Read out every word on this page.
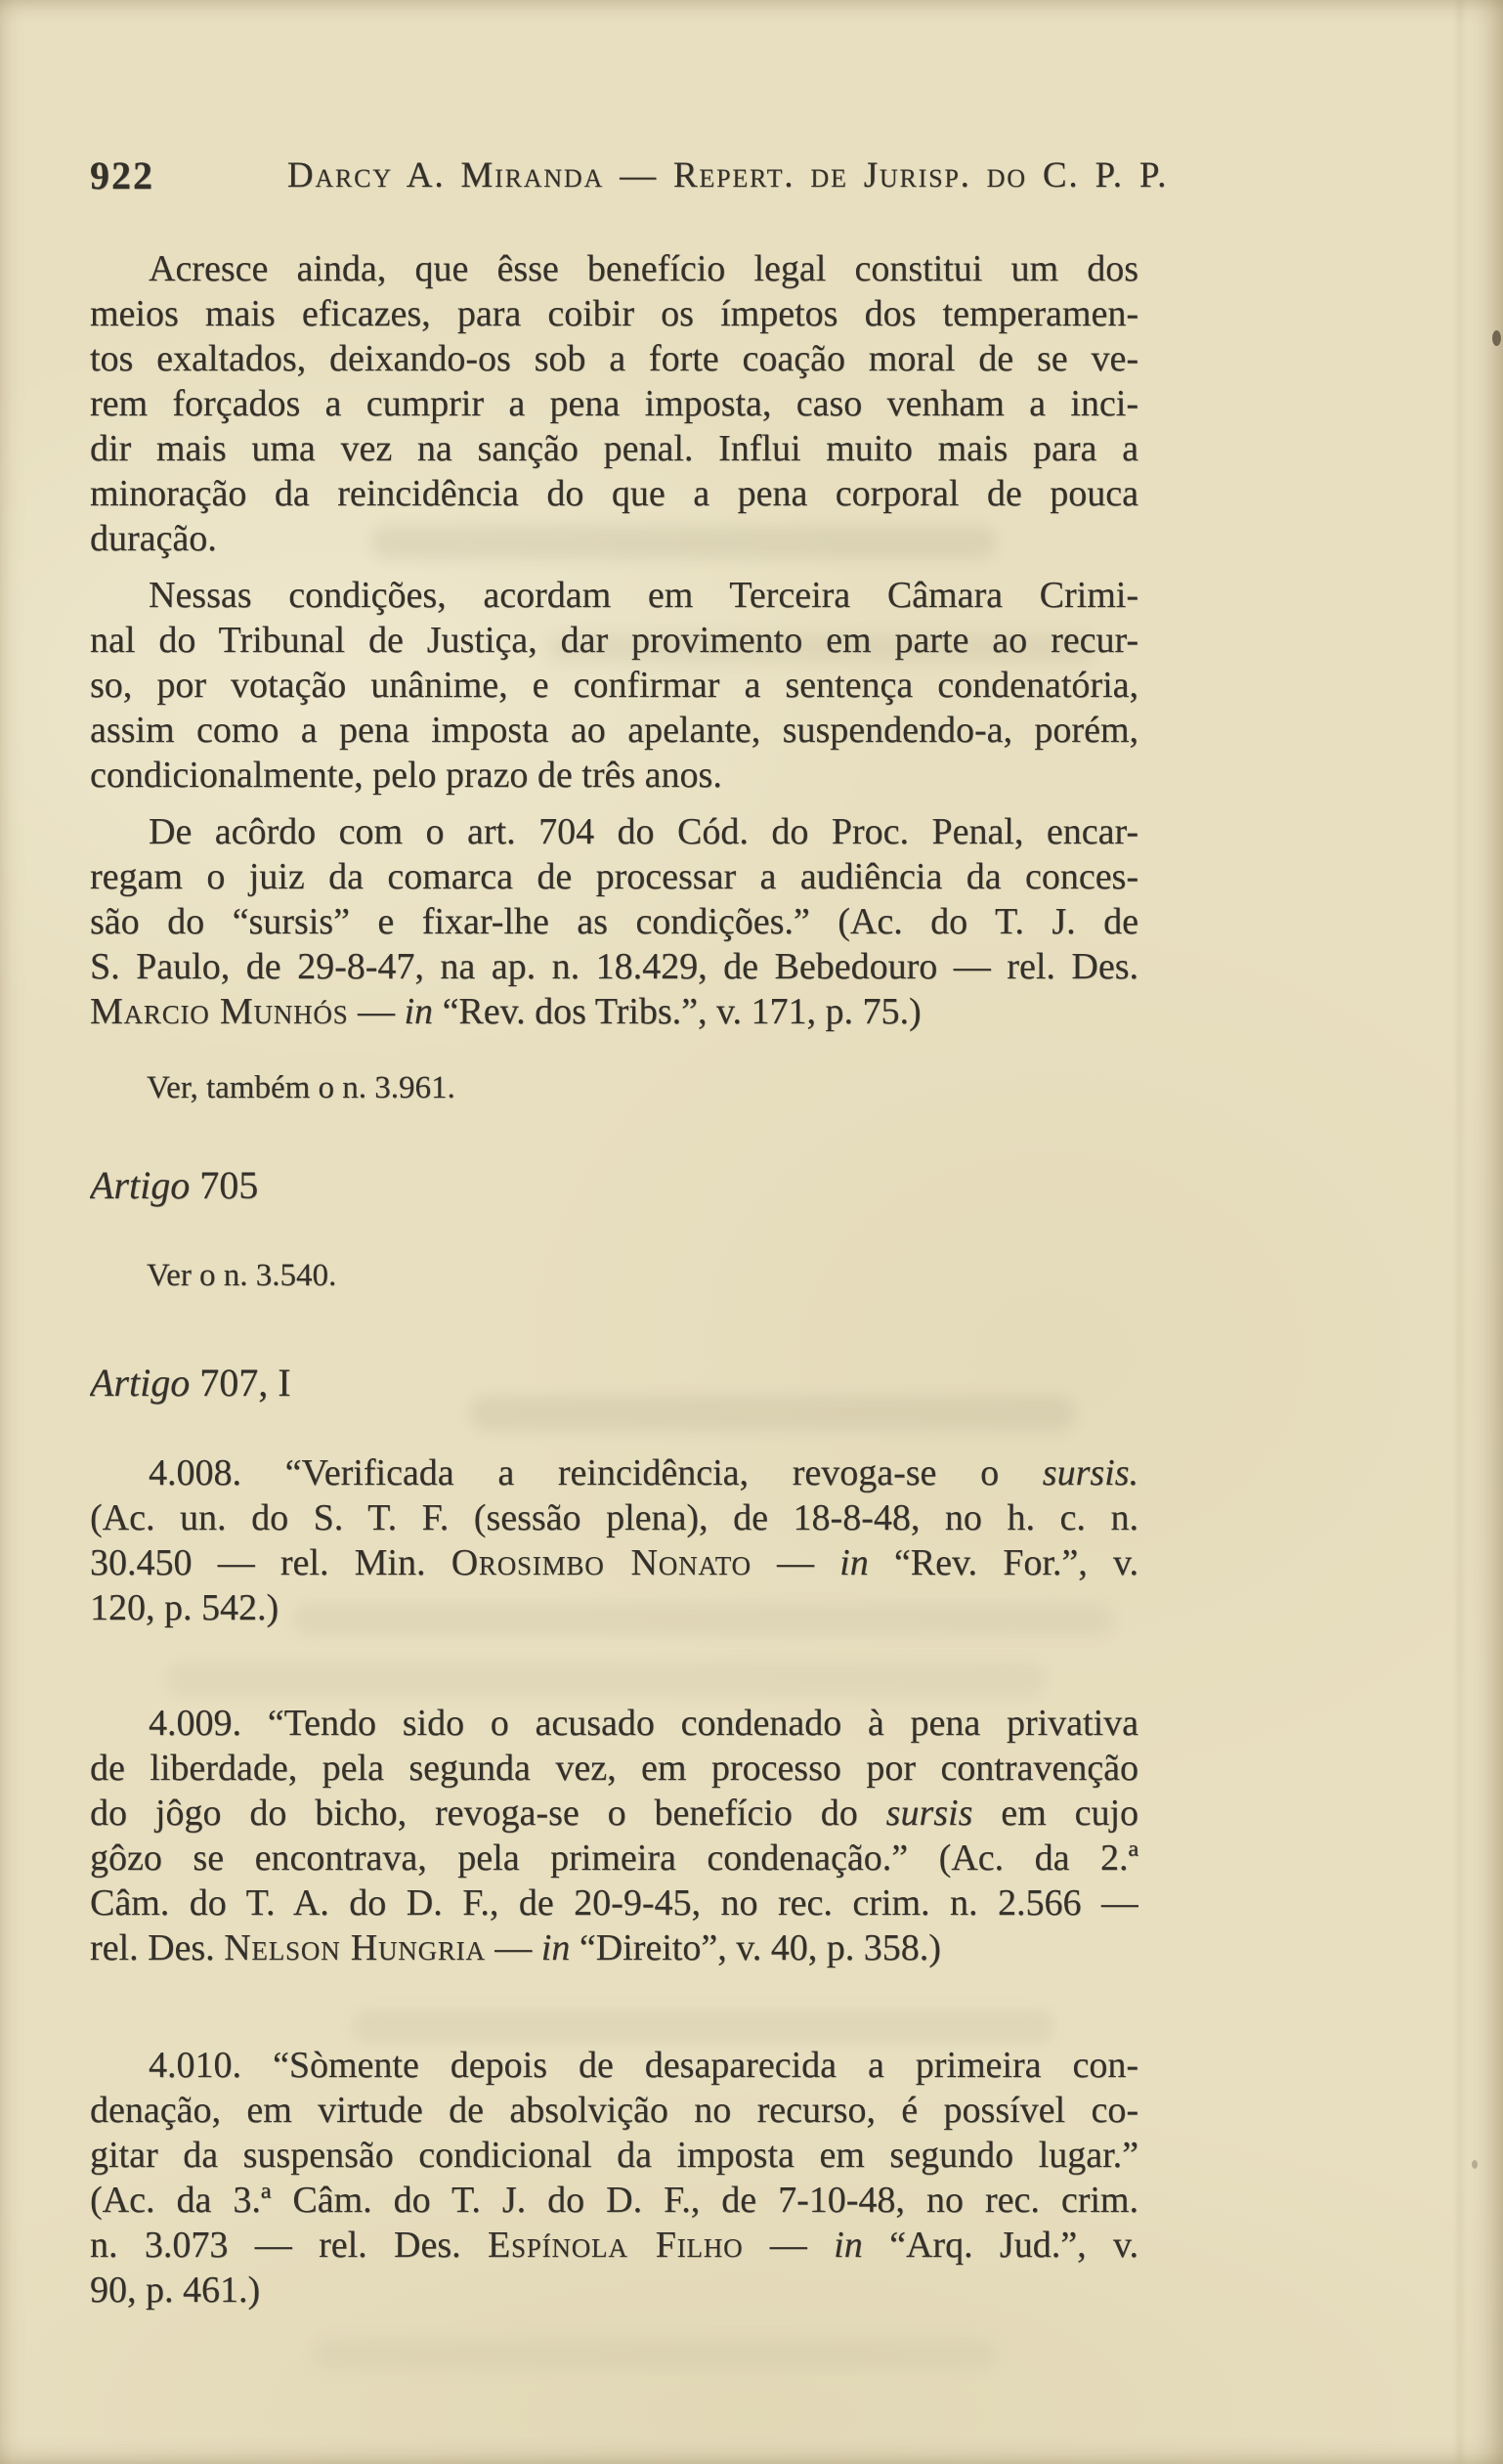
922	Darcy A. Miranda — Repert. de Jurisp. do C. P. P.
Acresce ainda, que êsse benefício legal constitui um dos
meios mais eficazes, para coibir os ímpetos dos temperamen-
tos exaltados, deixando-os sob a forte coação moral de se ve-
rem forçados a cumprir a pena imposta, caso venham a inci-
dir mais uma vez na sanção penal. Influi muito mais para a
minoração da reincidência do que a pena corporal de pouca
duração.
Nessas condições, acordam em Terceira Câmara Crimi-
nal do Tribunal de Justiça, dar provimento em parte ao recur-
so, por votação unânime, e confirmar a sentença condenatória,
assim como a pena imposta ao apelante, suspendendo-a, porém,
condicionalmente, pelo prazo de três anos.
De acôrdo com o art. 704 do Cód. do Proc. Penal, encar-
regam o juiz da comarca de processar a audiência da conces-
são do “sursis” e fixar-lhe as condições.” (Ac. do T. J. de
S. Paulo, de 29-8-47, na ap. n. 18.429, de Bebedouro — rel. Des.
Marcio Munhós — in “Rev. dos Tribs.”, v. 171, p. 75.)
Ver, também o n. 3.961.
Artigo 705
Ver o n. 3.540.
Artigo 707, I
4.008. “Verificada a reincidência, revoga-se o sursis.
(Ac. un. do S. T. F. (sessão plena), de 18-8-48, no h. c. n.
30.450 — rel. Min. Orosimbo Nonato — in “Rev. For.”, v.
120, p. 542.)
4.009. “Tendo sido o acusado condenado à pena privativa
de liberdade, pela segunda vez, em processo por contravenção
do jôgo do bicho, revoga-se o benefício do sursis em cujo
gôzo se encontrava, pela primeira condenação.” (Ac. da 2.ª
Câm. do T. A. do D. F., de 20-9-45, no rec. crim. n. 2.566 —
rel. Des. Nelson Hungria — in “Direito”, v. 40, p. 358.)
4.010. “Sòmente depois de desaparecida a primeira con-
denação, em virtude de absolvição no recurso, é possível co-
gitar da suspensão condicional da imposta em segundo lugar.”
(Ac. da 3.ª Câm. do T. J. do D. F., de 7-10-48, no rec. crim.
n. 3.073 — rel. Des. Espínola Filho — in “Arq. Jud.”, v.
90, p. 461.)
